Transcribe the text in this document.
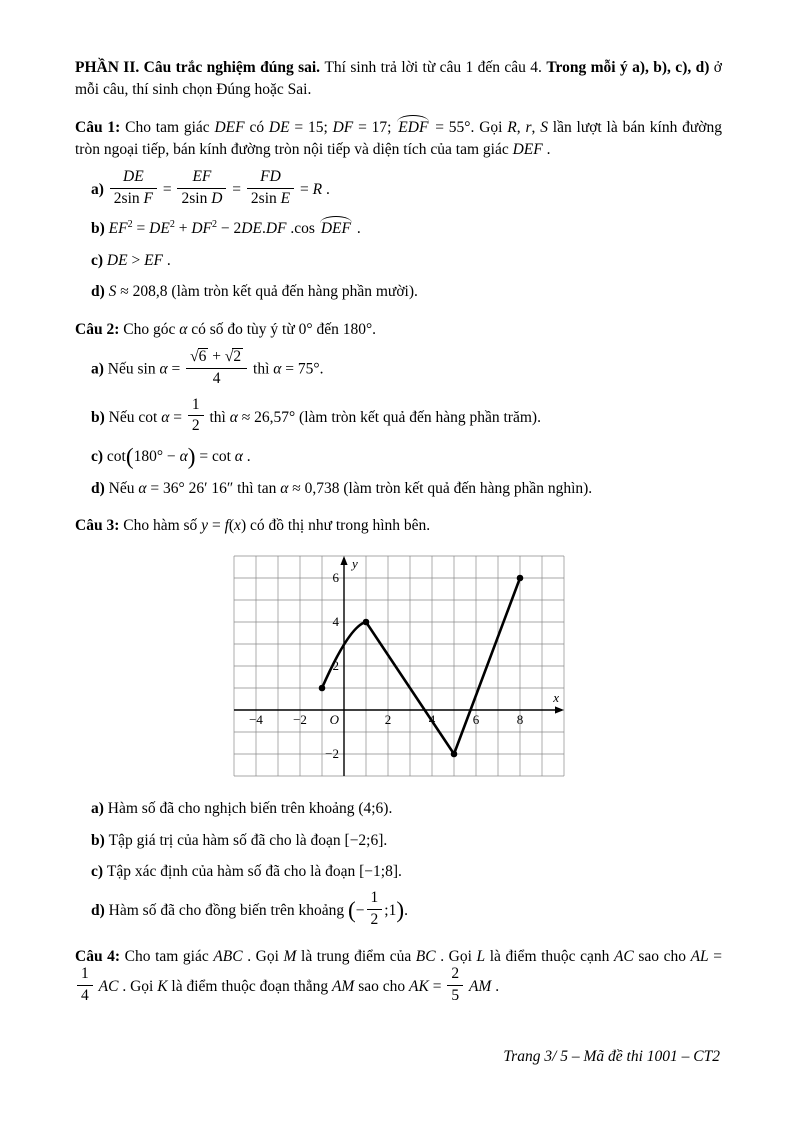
PHẦN II. Câu trắc nghiệm đúng sai. Thí sinh trả lời từ câu 1 đến câu 4. Trong mỗi ý a), b), c), d) ở mỗi câu, thí sinh chọn Đúng hoặc Sai.

Câu 1: Cho tam giác DEF có DE = 15; DF = 17; EDF = 55°. Gọi R, r, S lần lượt là bán kính đường tròn ngoại tiếp, bán kính đường tròn nội tiếp và diện tích của tam giác DEF .

$a) \frac{DE}{\text{2sin F}} = \frac{EF}{\text{2sin D}} = \frac{FD}{\text{2sin E}} = R$ .

b) $EF^2 = DE^2 + DF^2 - 2DE.DF$ .cos DEF .

c) DE > EF .

d) S ≈ 208,8 (làm tròn kết quả đến hàng phần mười).

Câu 2: Cho góc α có số đo tùy ý từ 0° đến 180°.

a) Nếu $\sin \alpha = \frac{√6 + √2}{4}$ thì α = 75°.

b) Nếu $\cot \alpha = \frac{1}{2}$ thì α ≈ 26,57° (làm tròn kết quả đến hàng phần trăm).

c) cot(180° − α) = cot α .

d) Nếu α = 36° 26′ 16″ thì tan α ≈ 0,738 (làm tròn kết quả đến hàng phần nghìn).

Câu 3: Cho hàm số y = f(x) có đồ thị như trong hình bên.

x
y
O
−4 −2	2	4	6	8
−2
2
4
6

a) Hàm số đã cho nghịch biến trên khoảng (4;6).

b) Tập giá trị của hàm số đã cho là đoạn [−2;6].

c) Tập xác định của hàm số đã cho là đoạn [−1;8].

d) Hàm số đã cho đồng biến trên khoảng (− $\frac{1}{2}$ ;1).

Câu 4: Cho tam giác ABC . Gọi M là trung điểm của BC . Gọi L là điểm thuộc cạnh AC sao cho AL =
$\frac{1}{4}$ AC . Gọi K là điểm thuộc đoạn thẳng AM sao cho AK = $\frac{2}{5}$ AM .

Trang 3/ 5 – Mã đề thi 1001 – CT2
